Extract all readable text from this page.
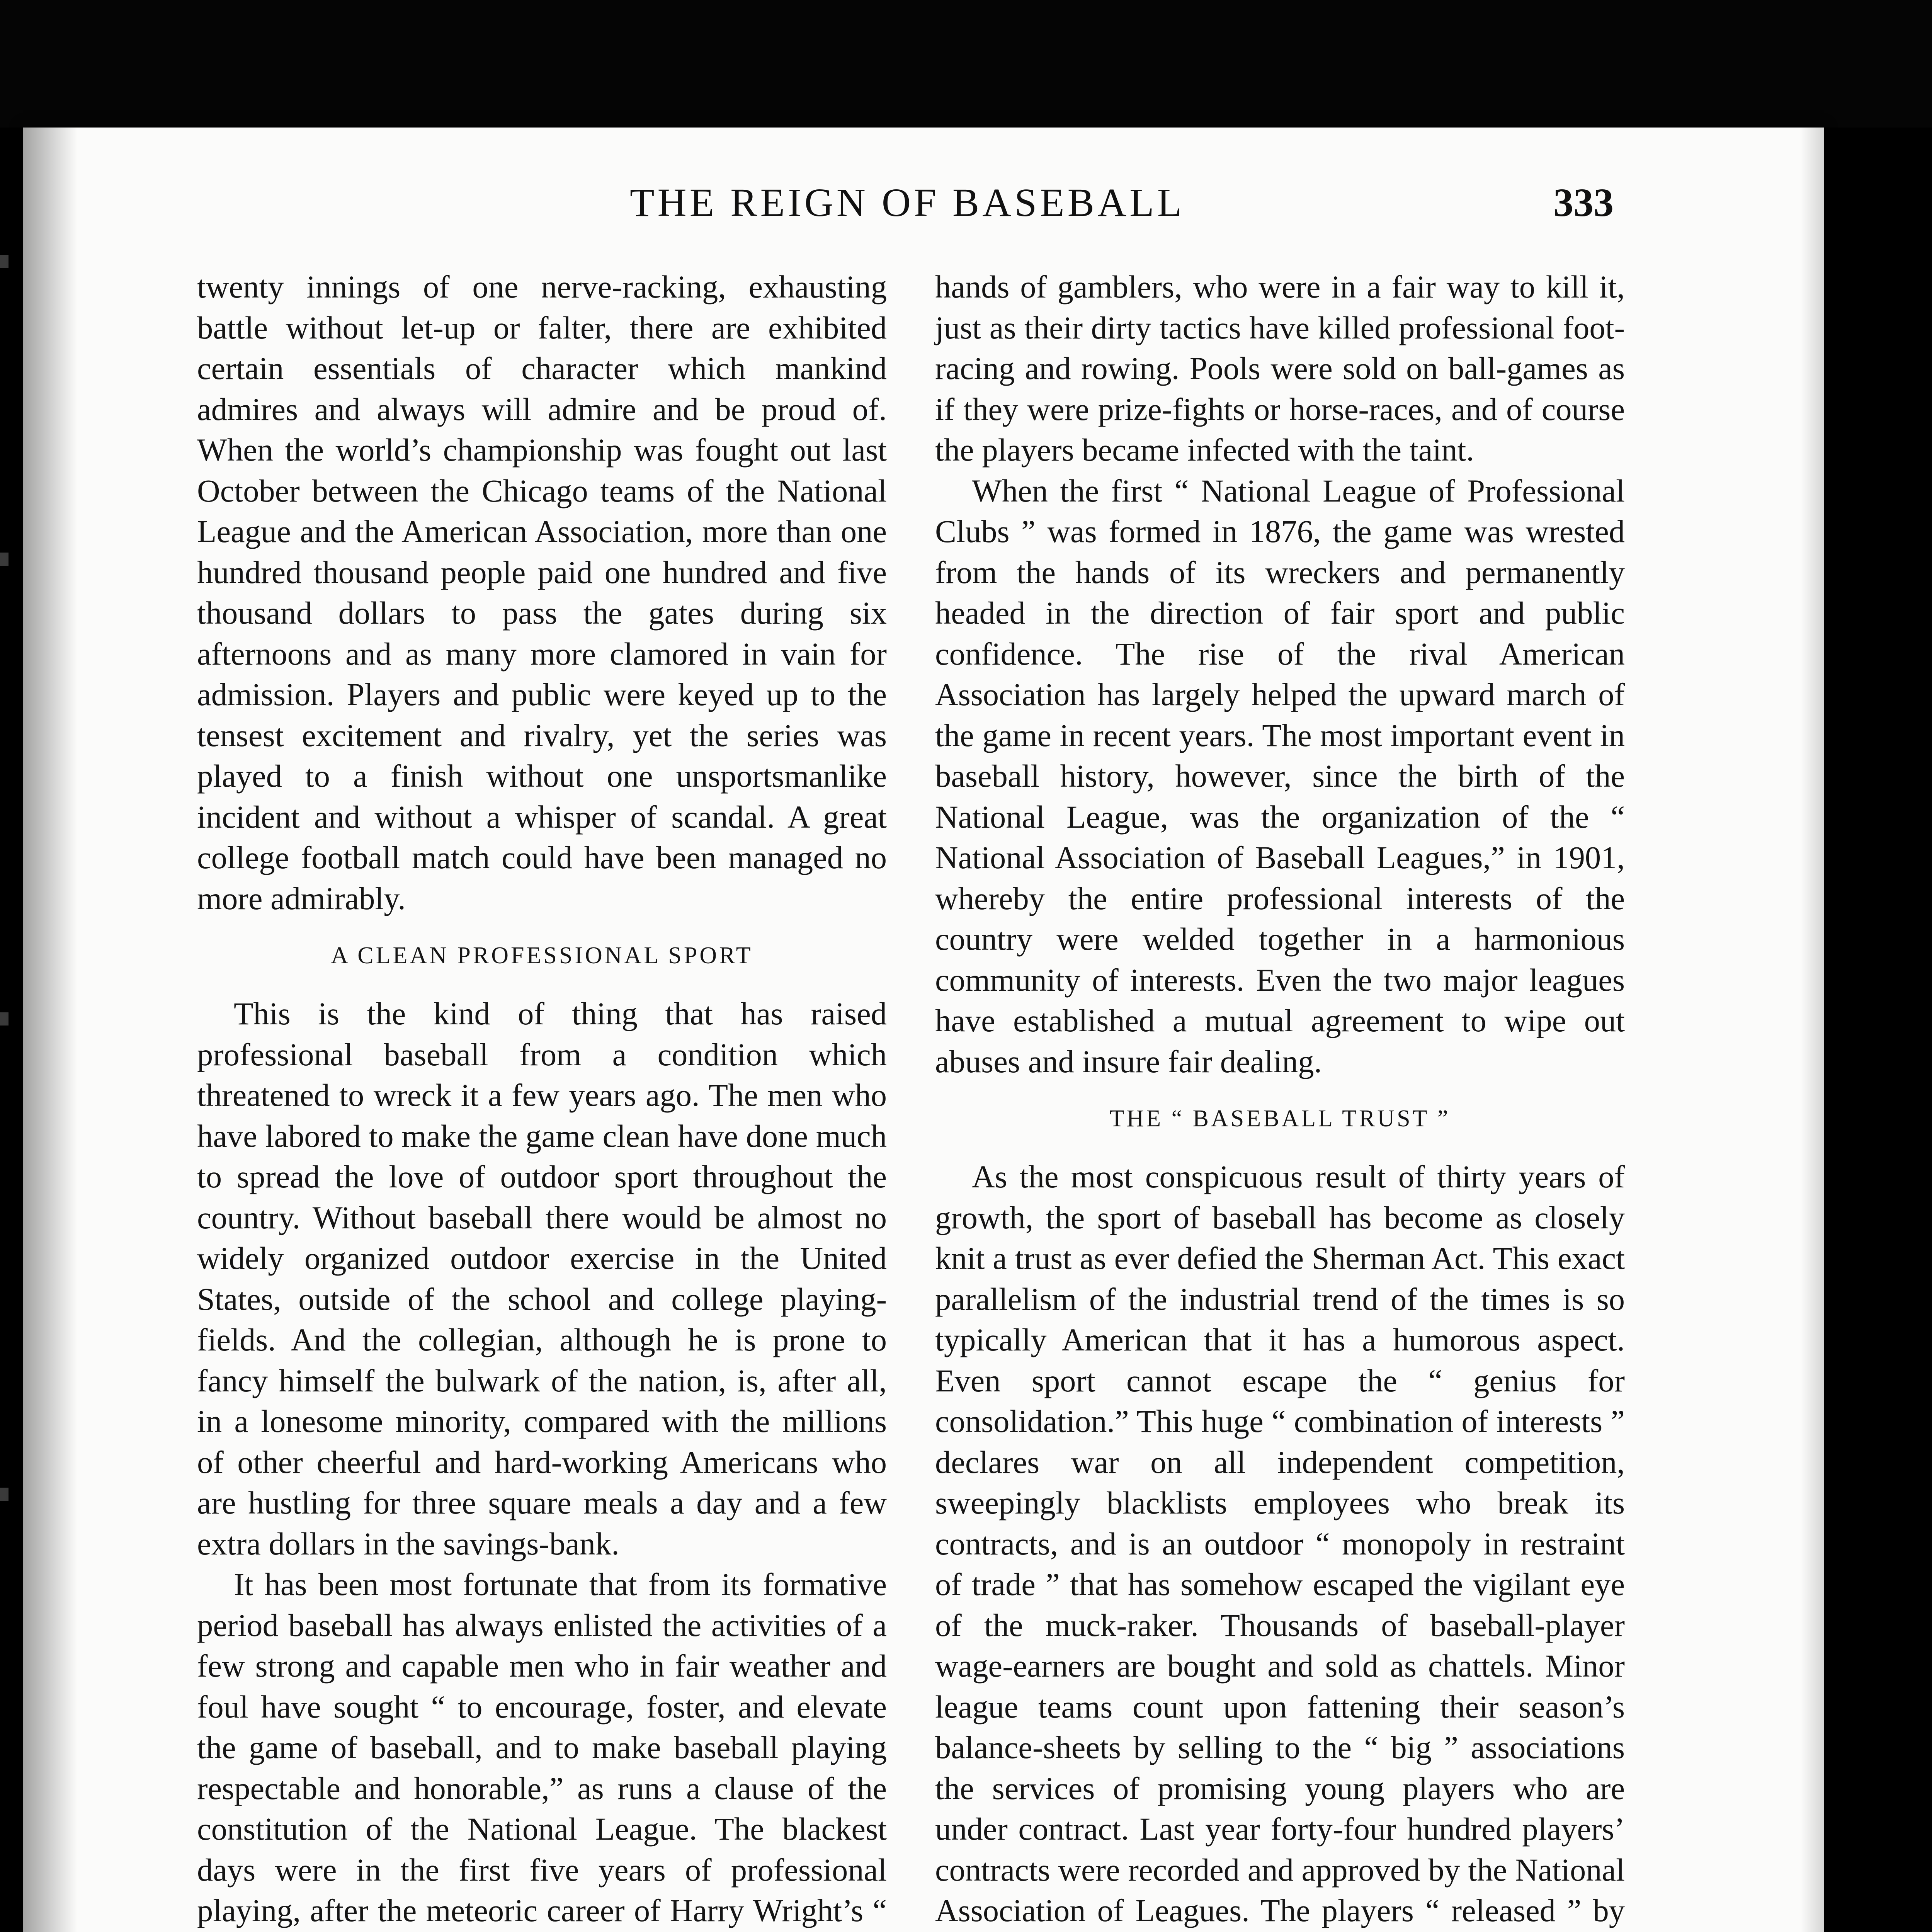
THE REIGN OF BASEBALL	333

twenty innings of one nerve-racking, exhausting battle without let-up or falter, there are exhibited certain essentials of character which mankind admires and always will admire and be proud of. When the world’s championship was fought out last October between the Chicago teams of the National League and the American Association, more than one hundred thousand people paid one hundred and five thousand dollars to pass the gates during six afternoons and as many more clamored in vain for admission. Players and public were keyed up to the tensest excitement and rivalry, yet the series was played to a finish without one unsportsmanlike incident and without a whisper of scandal. A great college football match could have been managed no more admirably.

A CLEAN PROFESSIONAL SPORT

This is the kind of thing that has raised professional baseball from a condition which threatened to wreck it a few years ago. The men who have labored to make the game clean have done much to spread the love of outdoor sport throughout the country. Without baseball there would be almost no widely organized outdoor exercise in the United States, outside of the school and college playing-fields. And the collegian, although he is prone to fancy himself the bulwark of the nation, is, after all, in a lonesome minority, compared with the millions of other cheerful and hard-working Americans who are hustling for three square meals a day and a few extra dollars in the savings-bank.

It has been most fortunate that from its formative period baseball has always enlisted the activities of a few strong and capable men who in fair weather and foul have sought “ to encourage, foster, and elevate the game of baseball, and to make baseball playing respectable and honorable,” as runs a clause of the constitution of the National League. The blackest days were in the first five years of professional playing, after the meteoric career of Harry Wright’s “

hands of gamblers, who were in a fair way to kill it, just as their dirty tactics have killed professional foot-racing and rowing. Pools were sold on ball-games as if they were prize-fights or horse-races, and of course the players became infected with the taint.

When the first “ National League of Professional Clubs ” was formed in 1876, the game was wrested from the hands of its wreckers and permanently headed in the direction of fair sport and public confidence. The rise of the rival American Association has largely helped the upward march of the game in recent years. The most important event in baseball history, however, since the birth of the National League, was the organization of the “ National Association of Baseball Leagues,” in 1901, whereby the entire professional interests of the country were welded together in a harmonious community of interests. Even the two major leagues have established a mutual agreement to wipe out abuses and insure fair dealing.

THE “ BASEBALL TRUST ”

As the most conspicuous result of thirty years of growth, the sport of baseball has become as closely knit a trust as ever defied the Sherman Act. This exact parallelism of the industrial trend of the times is so typically American that it has a humorous aspect. Even sport cannot escape the “ genius for consolidation.” This huge “ combination of interests ” declares war on all independent competition, sweepingly blacklists employees who break its contracts, and is an outdoor “ monopoly in restraint of trade ” that has somehow escaped the vigilant eye of the muck-raker. Thousands of baseball-player wage-earners are bought and sold as chattels. Minor league teams count upon fattening their season’s balance-sheets by selling to the “ big ” associations the services of promising young players who are under contract. Last year forty-four hundred players’ contracts were recorded and approved by the National Association of Leagues. The players “ released ” by
